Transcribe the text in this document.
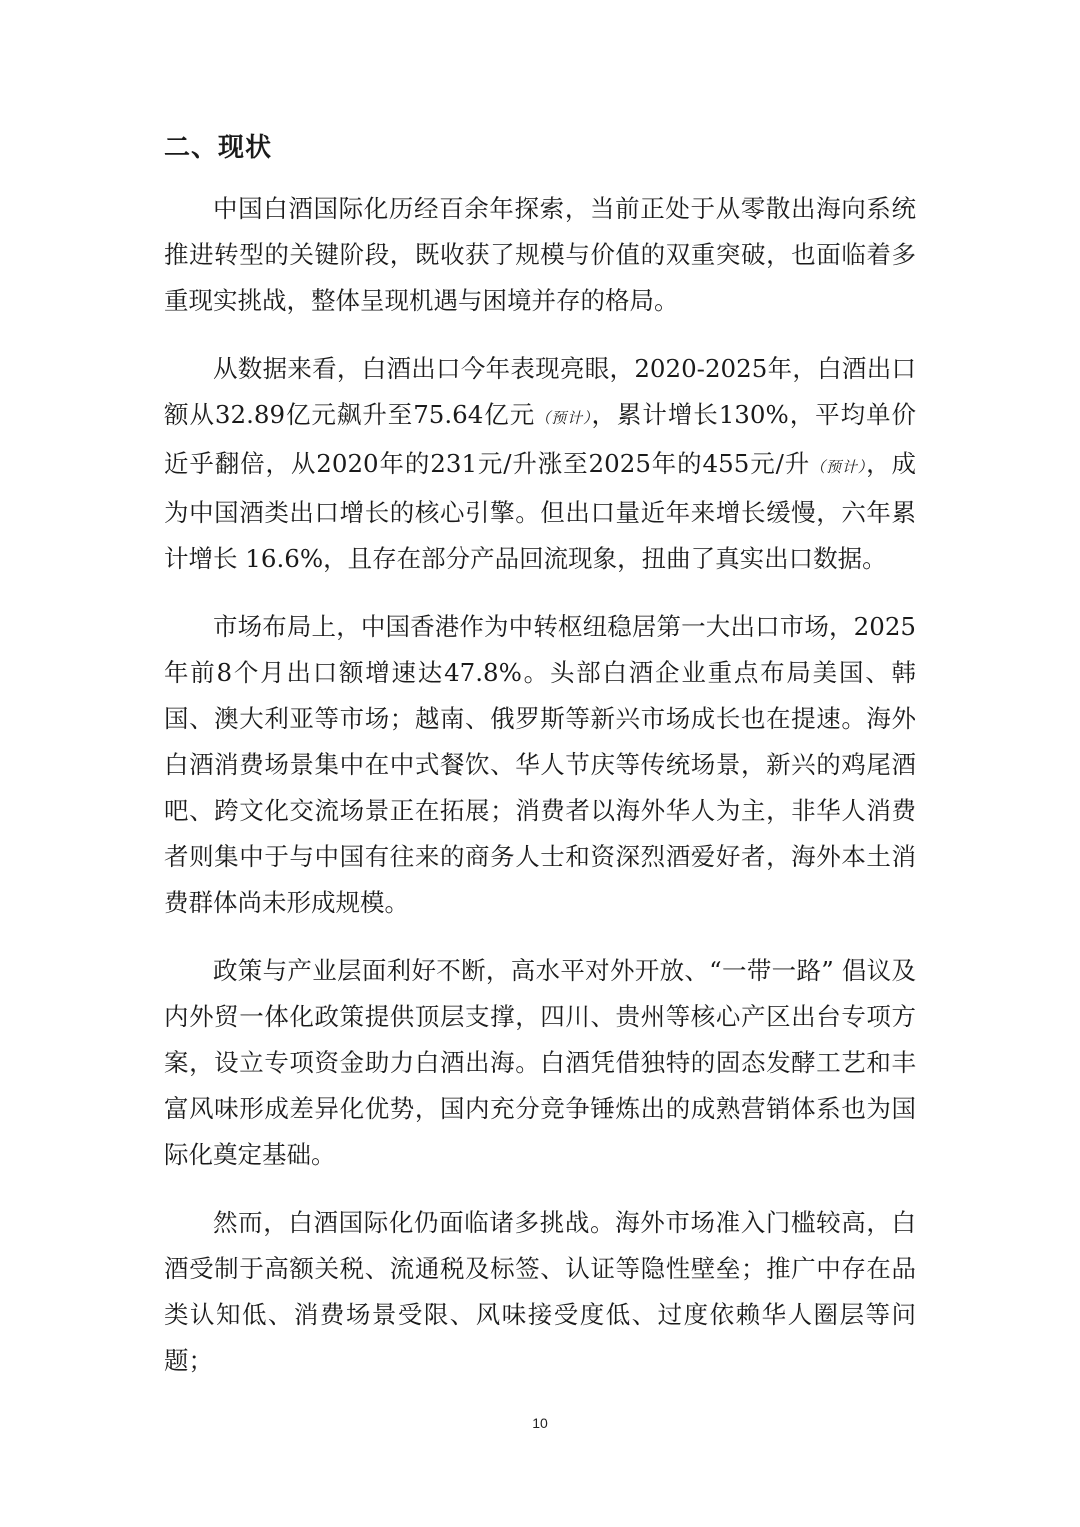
二、现状

中国白酒国际化历经百余年探索，当前正处于从零散出海向系统推进转型的关键阶段，既收获了规模与价值的双重突破，也面临着多重现实挑战，整体呈现机遇与困境并存的格局。

从数据来看，白酒出口今年表现亮眼，2020-2025年，白酒出口额从32.89亿元飙升至75.64亿元（预计），累计增长130%，平均单价近乎翻倍，从2020年的231元/升涨至2025年的455元/升（预计），成为中国酒类出口增长的核心引擎。但出口量近年来增长缓慢，六年累计增长 16.6%，且存在部分产品回流现象，扭曲了真实出口数据。

市场布局上，中国香港作为中转枢纽稳居第一大出口市场，2025年前8个月出口额增速达47.8%。头部白酒企业重点布局美国、韩国、澳大利亚等市场；越南、俄罗斯等新兴市场成长也在提速。海外白酒消费场景集中在中式餐饮、华人节庆等传统场景，新兴的鸡尾酒吧、跨文化交流场景正在拓展；消费者以海外华人为主，非华人消费者则集中于与中国有往来的商务人士和资深烈酒爱好者，海外本土消费群体尚未形成规模。

政策与产业层面利好不断，高水平对外开放、“一带一路” 倡议及内外贸一体化政策提供顶层支撑，四川、贵州等核心产区出台专项方案，设立专项资金助力白酒出海。白酒凭借独特的固态发酵工艺和丰富风味形成差异化优势，国内充分竞争锤炼出的成熟营销体系也为国际化奠定基础。

然而，白酒国际化仍面临诸多挑战。海外市场准入门槛较高，白酒受制于高额关税、流通税及标签、认证等隐性壁垒；推广中存在品类认知低、消费场景受限、风味接受度低、过度依赖华人圈层等问题；

10
